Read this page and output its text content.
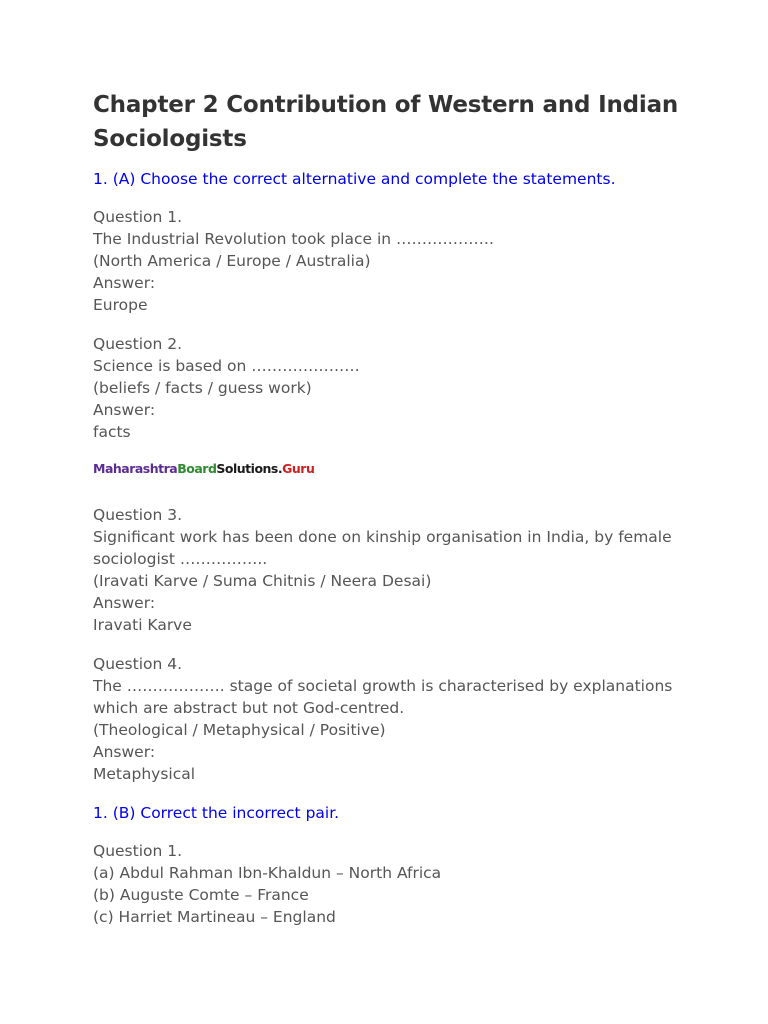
Chapter 2 Contribution of Western and Indian Sociologists
1. (A) Choose the correct alternative and complete the statements.
Question 1.
The Industrial Revolution took place in ……………….
(North America / Europe / Australia)
Answer:
Europe
Question 2.
Science is based on …………………
(beliefs / facts / guess work)
Answer:
facts
MaharashtraBoardSolutions.Guru
Question 3.
Significant work has been done on kinship organisation in India, by female
sociologist ……………..
(Iravati Karve / Suma Chitnis / Neera Desai)
Answer:
Iravati Karve
Question 4.
The ………………. stage of societal growth is characterised by explanations
which are abstract but not God-centred.
(Theological / Metaphysical / Positive)
Answer:
Metaphysical
1. (B) Correct the incorrect pair.
Question 1.
(a) Abdul Rahman Ibn-Khaldun – North Africa
(b) Auguste Comte – France
(c) Harriet Martineau – England
